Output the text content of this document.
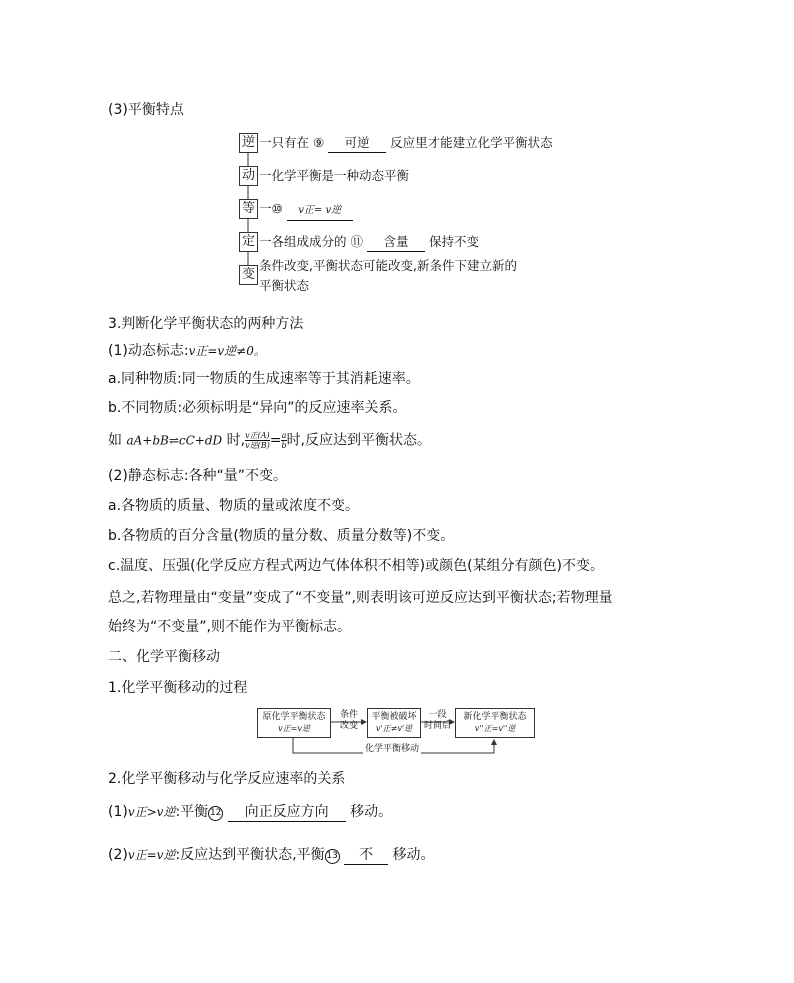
(3)平衡特点
逆 一只有在 ⑨ 可逆 反应里才能建立化学平衡状态
动 一化学平衡是一种动态平衡
等 一⑩ v正= v逆
定 一各组成成分的 ⑪ 含量 保持不变
变
条件改变,平衡状态可能改变,新条件下建立新的
平衡状态
3.判断化学平衡状态的两种方法
(1)动态标志:v正=v逆≠0。
a.同种物质:同一物质的生成速率等于其消耗速率。
b.不同物质:必须标明是“异向”的反应速率关系。
如 aA+bB⇌cC+dD 时, $\frac{\text{v正(A)}}{\text{v逆(B)}} = \frac{a}{b}$ 时,反应达到平衡状态。
(2)静态标志:各种“量”不变。
a.各物质的质量、物质的量或浓度不变。
b.各物质的百分含量(物质的量分数、质量分数等)不变。
c.温度、压强(化学反应方程式两边气体体积不相等)或颜色(某组分有颜色)不变。
总之,若物理量由“变量”变成了“不变量”,则表明该可逆反应达到平衡状态;若物理量
始终为“不变量”,则不能作为平衡标志。
二、化学平衡移动
1.化学平衡移动的过程
原化学平衡状态
v正=v逆
平衡被破坏
v'正≠v'逆
新化学平衡状态
v''正=v''逆
条件
改变
一段
时间后
化学平衡移动
2.化学平衡移动与化学反应速率的关系
(1)v正>v逆:平衡 12 向正反应方向 移动。
(2)v正=v逆:反应达到平衡状态,平衡 13 不 移动。
